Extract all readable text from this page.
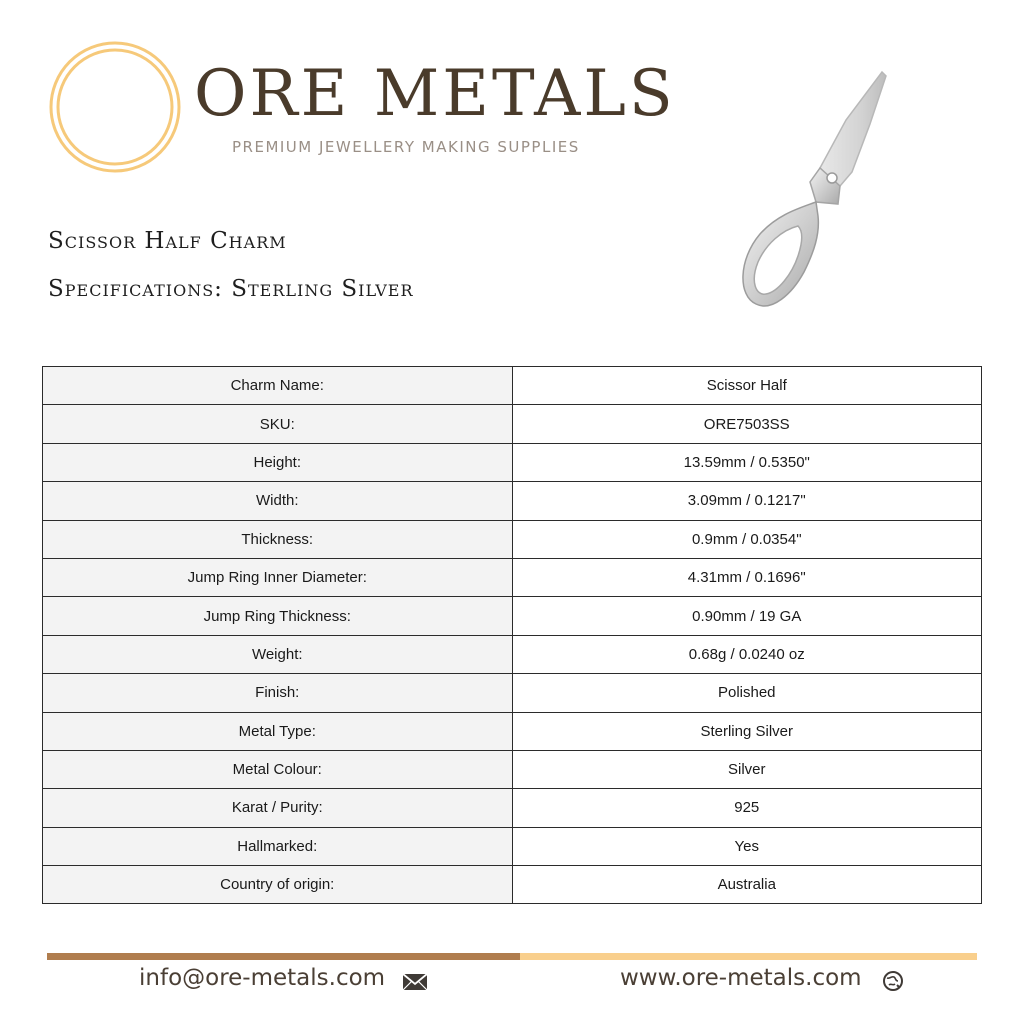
ORE METALS
PREMIUM JEWELLERY MAKING SUPPLIES
Scissor Half Charm
Specifications: Sterling Silver
Charm Name:	Scissor Half
SKU:	ORE7503SS
Height:	13.59mm / 0.5350"
Width:	3.09mm / 0.1217"
Thickness:	0.9mm / 0.0354"
Jump Ring Inner Diameter:	4.31mm / 0.1696"
Jump Ring Thickness:	0.90mm / 19 GA
Weight:	0.68g / 0.0240 oz
Finish:	Polished
Metal Type:	Sterling Silver
Metal Colour:	Silver
Karat / Purity:	925
Hallmarked:	Yes
Country of origin:	Australia
info@ore-metals.com	www.ore-metals.com
